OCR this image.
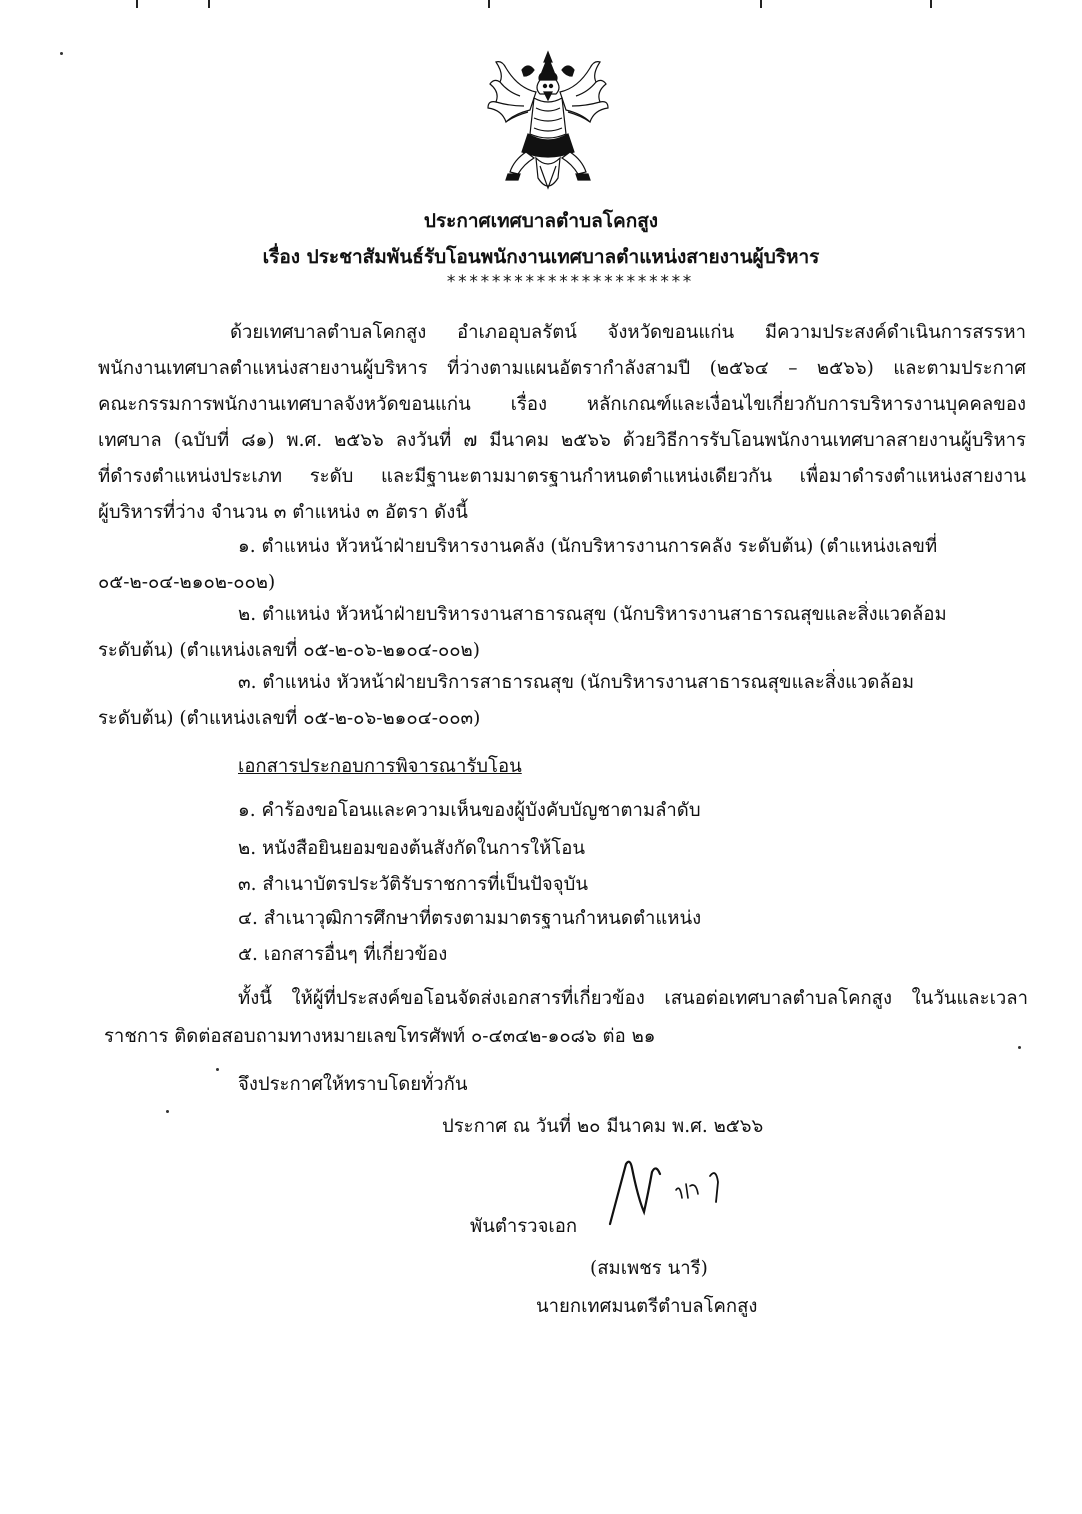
ประกาศเทศบาลตำบลโคกสูง
เรื่อง ประชาสัมพันธ์รับโอนพนักงานเทศบาลตำแหน่งสายงานผู้บริหาร
**********************
ด้วยเทศบาลตำบลโคกสูง อำเภออุบลรัตน์ จังหวัดขอนแก่น มีความประสงค์ดำเนินการสรรหา
พนักงานเทศบาลตำแหน่งสายงานผู้บริหาร ที่ว่างตามแผนอัตรากำลังสามปี (๒๕๖๔ – ๒๕๖๖) และตามประกาศ
คณะกรรมการพนักงานเทศบาลจังหวัดขอนแก่น เรื่อง หลักเกณฑ์และเงื่อนไขเกี่ยวกับการบริหารงานบุคคลของ
เทศบาล (ฉบับที่ ๘๑) พ.ศ. ๒๕๖๖ ลงวันที่ ๗ มีนาคม ๒๕๖๖ ด้วยวิธีการรับโอนพนักงานเทศบาลสายงานผู้บริหาร
ที่ดำรงตำแหน่งประเภท ระดับ และมีฐานะตามมาตรฐานกำหนดตำแหน่งเดียวกัน เพื่อมาดำรงตำแหน่งสายงาน
ผู้บริหารที่ว่าง จำนวน ๓ ตำแหน่ง ๓ อัตรา ดังนี้
๑. ตำแหน่ง หัวหน้าฝ่ายบริหารงานคลัง (นักบริหารงานการคลัง ระดับต้น) (ตำแหน่งเลขที่
๐๕-๒-๐๔-๒๑๐๒-๐๐๒)
๒. ตำแหน่ง หัวหน้าฝ่ายบริหารงานสาธารณสุข (นักบริหารงานสาธารณสุขและสิ่งแวดล้อม
ระดับต้น) (ตำแหน่งเลขที่ ๐๕-๒-๐๖-๒๑๐๔-๐๐๒)
๓. ตำแหน่ง หัวหน้าฝ่ายบริการสาธารณสุข (นักบริหารงานสาธารณสุขและสิ่งแวดล้อม
ระดับต้น) (ตำแหน่งเลขที่ ๐๕-๒-๐๖-๒๑๐๔-๐๐๓)
เอกสารประกอบการพิจารณารับโอน
๑. คำร้องขอโอนและความเห็นของผู้บังคับบัญชาตามลำดับ
๒. หนังสือยินยอมของต้นสังกัดในการให้โอน
๓. สำเนาบัตรประวัติรับราชการที่เป็นปัจจุบัน
๔. สำเนาวุฒิการศึกษาที่ตรงตามมาตรฐานกำหนดตำแหน่ง
๕. เอกสารอื่นๆ ที่เกี่ยวข้อง
ทั้งนี้ ให้ผู้ที่ประสงค์ขอโอนจัดส่งเอกสารที่เกี่ยวข้อง เสนอต่อเทศบาลตำบลโคกสูง ในวันและเวลา
ราชการ ติดต่อสอบถามทางหมายเลขโทรศัพท์ ๐-๔๓๔๒-๑๐๘๖ ต่อ ๒๑
จึงประกาศให้ทราบโดยทั่วกัน
ประกาศ ณ วันที่ ๒๐ มีนาคม พ.ศ. ๒๕๖๖
พันตำรวจเอก
(สมเพชร นารี)
นายกเทศมนตรีตำบลโคกสูง
